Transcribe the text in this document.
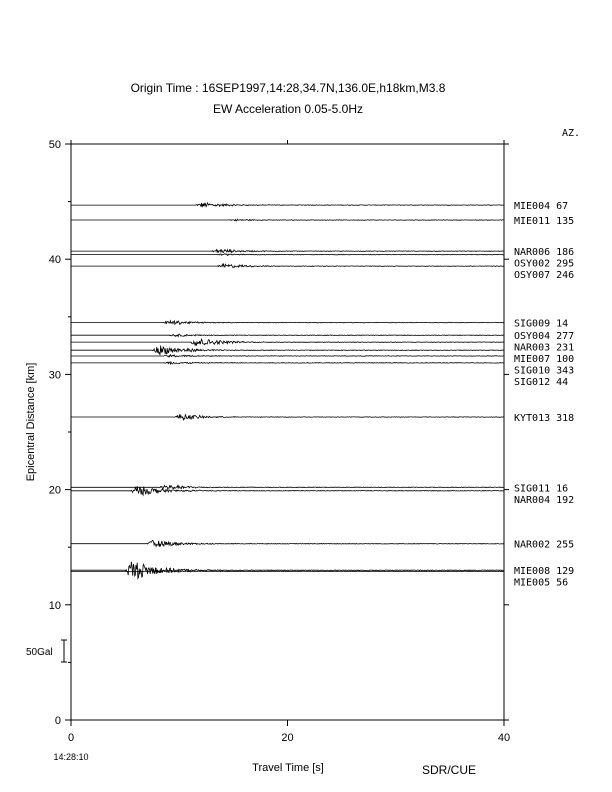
Origin Time : 16SEP1997,14:28,34.7N,136.0E,h18km,M3.8
EW Acceleration 0.05-5.0Hz
AZ.
0
10
20
30
40
50
0	20	40
MIE004 67
MIE011 135
NAR006 186
OSY002 295
OSY007 246
SIG009 14
OSY004 277
NAR003 231
MIE007 100
SIG010 343
SIG012 44
KYT013 318
SIG011 16
NAR004 192
NAR002 255
MIE008 129
MIE005 56
50Gal
Epicentral Distance [km]
Travel Time [s]
14:28:10
SDR/CUE
